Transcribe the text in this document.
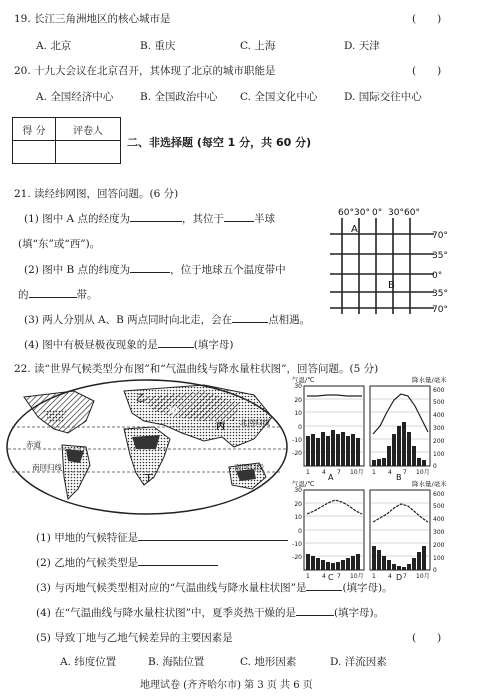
19. 长江三角洲地区的核心城市是	(　　)
A. 北京	B. 重庆	C. 上海	D. 天津
20. 十九大会议在北京召开，其体现了北京的城市职能是	(　　)
A. 全国经济中心	B. 全国政治中心 C. 全国文化中心	D. 国际交往中心
得 分	评卷人

二、非选择题 (每空 1 分，共 60 分)
21. 读经纬网图，回答问题。(6 分)
(1) 图中 A 点的经度为	，其位于	半球
(填“东”或“西”)。
(2) 图中 B 点的纬度为	，位于地球五个温度带中
的	带。
(3) 两人分别从 A、B 两点同时向北走，会在	点相遇。
(4) 图中有极昼极夜现象的是	(填字母)
60° 30° 0° 30° 60°
70°
35°
0°
35°
70°
A
B
22. 读“世界气候类型分布图”和“气温曲线与降水量柱状图”，回答问题。(5 分)
北回归线
赤道
南回归线	南回归线
甲
乙
丙
丁
气温/℃	降水量/毫米
气温/℃	降水量/毫米
30
20
10
0
-10
-20
30
20
10
0
-10
-20
600
500
400
300
200
100
0
600
500
400
300
200
100
0
1 4 7 10月 1 4 7 10月
1 4 7 10月 1 4 7 10月
A	B
C	D
(1) 甲地的气候特征是
(2) 乙地的气候类型是
(3) 与丙地气候类型相对应的“气温曲线与降水量柱状图”是	(填字母)。
(4) 在“气温曲线与降水量柱状图”中，夏季炎热干燥的是	(填字母)。
(5) 导致丁地与乙地气候差异的主要因素是	(　　)
A. 纬度位置	B. 海陆位置	C. 地形因素	D. 洋流因素
地理试卷 (齐齐哈尔市) 第 3 页 共 6 页
